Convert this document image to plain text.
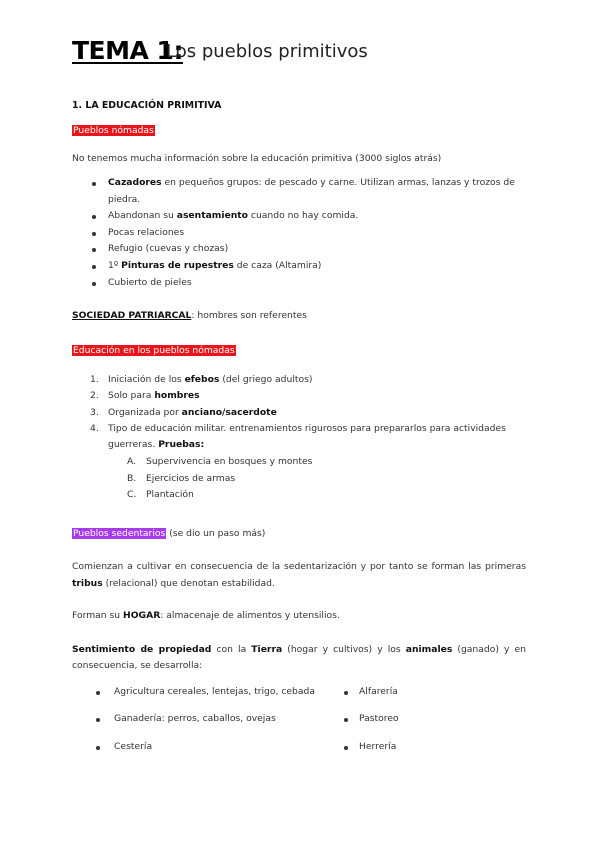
TEMA 1:
Los pueblos primitivos
1. LA EDUCACIÓN PRIMITIVA
Pueblos nómadas
No tenemos mucha información sobre la educación primitiva (3000 siglos atrás)
Cazadores en pequeños grupos: de pescado y carne. Utilizan armas, lanzas y trozos de
piedra.
Abandonan su asentamiento cuando no hay comida.
Pocas relaciones
Refugio (cuevas y chozas)
1º Pinturas de rupestres de caza (Altamira)
Cubierto de pieles
SOCIEDAD PATRIARCAL: hombres son referentes
Educación en los pueblos nómadas
1. Iniciación de los efebos (del griego adultos)
2. Solo para hombres
3. Organizada por anciano/sacerdote
4. Tipo de educación militar. entrenamientos rigurosos para prepararlos para actividades
guerreras. Pruebas:
A. Supervivencia en bosques y montes
B. Ejercicios de armas
C. Plantación
Pueblos sedentarios (se dio un paso más)
Comienzan a cultivar en consecuencia de la sedentarización y por tanto se forman las primeras
tribus (relacional) que denotan estabilidad.
Forman su HOGAR: almacenaje de alimentos y utensilios.
Sentimiento de propiedad con la Tierra (hogar y cultivos) y los animales (ganado) y en
consecuencia, se desarrolla:
Agricultura cereales, lentejas, trigo, cebada	Alfarería
Ganadería: perros, caballos, ovejas	Pastoreo
Cestería	Herrería
